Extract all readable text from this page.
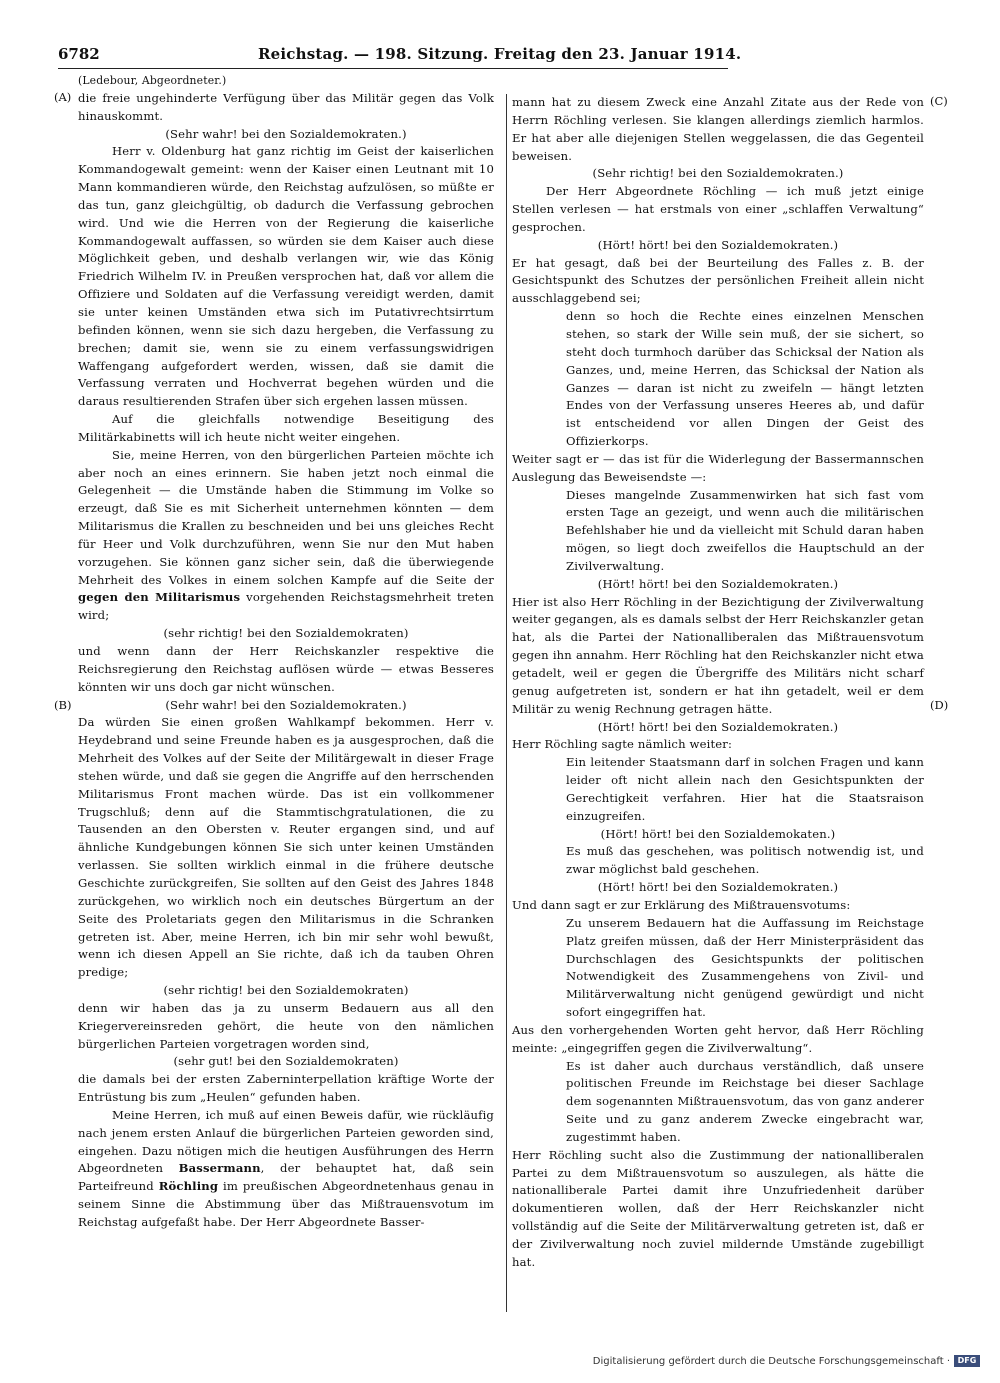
6782	Reichstag. — 198. Sitzung. Freitag den 23. Januar 1914.
(A)
(B)
(C)
(D)

(Ledebour, Abgeordneter.)

die freie ungehinderte Verfügung über das Militär gegen das Volk hinauskommt.

(Sehr wahr! bei den Sozialdemokraten.)

Herr v. Oldenburg hat ganz richtig im Geist der kaiserlichen Kommandogewalt gemeint: wenn der Kaiser einen Leutnant mit 10 Mann kommandieren würde, den Reichstag aufzulösen, so müßte er das tun, ganz gleichgültig, ob dadurch die Verfassung gebrochen wird. Und wie die Herren von der Regierung die kaiserliche Kommandogewalt auffassen, so würden sie dem Kaiser auch diese Möglichkeit geben, und deshalb verlangen wir, wie das König Friedrich Wilhelm IV. in Preußen versprochen hat, daß vor allem die Offiziere und Soldaten auf die Verfassung vereidigt werden, damit sie unter keinen Umständen etwa sich im Putativrechtsirrtum befinden können, wenn sie sich dazu hergeben, die Verfassung zu brechen; damit sie, wenn sie zu einem verfassungswidrigen Waffengang aufgefordert werden, wissen, daß sie damit die Verfassung verraten und Hochverrat begehen würden und die daraus resultierenden Strafen über sich ergehen lassen müssen.

Auf die gleichfalls notwendige Beseitigung des Militärkabinetts will ich heute nicht weiter eingehen.

Sie, meine Herren, von den bürgerlichen Parteien möchte ich aber noch an eines erinnern. Sie haben jetzt noch einmal die Gelegenheit — die Umstände haben die Stimmung im Volke so erzeugt, daß Sie es mit Sicherheit unternehmen könnten — dem Militarismus die Krallen zu beschneiden und bei uns gleiches Recht für Heer und Volk durchzuführen, wenn Sie nur den Mut haben vorzugehen. Sie können ganz sicher sein, daß die überwiegende Mehrheit des Volkes in einem solchen Kampfe auf die Seite der gegen den Militarismus vorgehenden Reichstagsmehrheit treten wird;

(sehr richtig! bei den Sozialdemokraten)

und wenn dann der Herr Reichskanzler respektive die Reichsregierung den Reichstag auflösen würde — etwas Besseres könnten wir uns doch gar nicht wünschen.

(Sehr wahr! bei den Sozialdemokraten.)

Da würden Sie einen großen Wahlkampf bekommen. Herr v. Heydebrand und seine Freunde haben es ja ausgesprochen, daß die Mehrheit des Volkes auf der Seite der Militärgewalt in dieser Frage stehen würde, und daß sie gegen die Angriffe auf den herrschenden Militarismus Front machen würde. Das ist ein vollkommener Trugschluß; denn auf die Stammtischgratulationen, die zu Tausenden an den Obersten v. Reuter ergangen sind, und auf ähnliche Kundgebungen können Sie sich unter keinen Umständen verlassen. Sie sollten wirklich einmal in die frühere deutsche Geschichte zurückgreifen, Sie sollten auf den Geist des Jahres 1848 zurückgehen, wo wirklich noch ein deutsches Bürgertum an der Seite des Proletariats gegen den Militarismus in die Schranken getreten ist. Aber, meine Herren, ich bin mir sehr wohl bewußt, wenn ich diesen Appell an Sie richte, daß ich da tauben Ohren predige;

(sehr richtig! bei den Sozialdemokraten)

denn wir haben das ja zu unserm Bedauern aus all den Kriegervereinsreden gehört, die heute von den nämlichen bürgerlichen Parteien vorgetragen worden sind,

(sehr gut! bei den Sozialdemokraten)

die damals bei der ersten Zaberninterpellation kräftige Worte der Entrüstung bis zum „Heulen“ gefunden haben.

Meine Herren, ich muß auf einen Beweis dafür, wie rückläufig nach jenem ersten Anlauf die bürgerlichen Parteien geworden sind, eingehen. Dazu nötigen mich die heutigen Ausführungen des Herrn Abgeordneten Bassermann, der behauptet hat, daß sein Parteifreund Röchling im preußischen Abgeordnetenhaus genau in seinem Sinne die Abstimmung über das Mißtrauensvotum im Reichstag aufgefaßt habe. Der Herr Abgeordnete Basser-

mann hat zu diesem Zweck eine Anzahl Zitate aus der Rede von Herrn Röchling verlesen. Sie klangen allerdings ziemlich harmlos. Er hat aber alle diejenigen Stellen weggelassen, die das Gegenteil beweisen.

(Sehr richtig! bei den Sozialdemokraten.)

Der Herr Abgeordnete Röchling — ich muß jetzt einige Stellen verlesen — hat erstmals von einer „schlaffen Verwaltung“ gesprochen.

(Hört! hört! bei den Sozialdemokraten.)

Er hat gesagt, daß bei der Beurteilung des Falles z. B. der Gesichtspunkt des Schutzes der persönlichen Freiheit allein nicht ausschlaggebend sei;

denn so hoch die Rechte eines einzelnen Menschen stehen, so stark der Wille sein muß, der sie sichert, so steht doch turmhoch darüber das Schicksal der Nation als Ganzes, und, meine Herren, das Schicksal der Nation als Ganzes — daran ist nicht zu zweifeln — hängt letzten Endes von der Verfassung unseres Heeres ab, und dafür ist entscheidend vor allen Dingen der Geist des Offizierkorps.

Weiter sagt er — das ist für die Widerlegung der Bassermannschen Auslegung das Beweisendste —:

Dieses mangelnde Zusammenwirken hat sich fast vom ersten Tage an gezeigt, und wenn auch die militärischen Befehlshaber hie und da vielleicht mit Schuld daran haben mögen, so liegt doch zweifellos die Hauptschuld an der Zivilverwaltung.

(Hört! hört! bei den Sozialdemokraten.)

Hier ist also Herr Röchling in der Bezichtigung der Zivilverwaltung weiter gegangen, als es damals selbst der Herr Reichskanzler getan hat, als die Partei der Nationalliberalen das Mißtrauensvotum gegen ihn annahm. Herr Röchling hat den Reichskanzler nicht etwa getadelt, weil er gegen die Übergriffe des Militärs nicht scharf genug aufgetreten ist, sondern er hat ihn getadelt, weil er dem Militär zu wenig Rechnung getragen hätte.

(Hört! hört! bei den Sozialdemokraten.)

Herr Röchling sagte nämlich weiter:

Ein leitender Staatsmann darf in solchen Fragen und kann leider oft nicht allein nach den Gesichtspunkten der Gerechtigkeit verfahren. Hier hat die Staatsraison einzugreifen.

(Hört! hört! bei den Sozialdemokaten.)

Es muß das geschehen, was politisch notwendig ist, und zwar möglichst bald geschehen.

(Hört! hört! bei den Sozialdemokraten.)

Und dann sagt er zur Erklärung des Mißtrauensvotums:

Zu unserem Bedauern hat die Auffassung im Reichstage Platz greifen müssen, daß der Herr Ministerpräsident das Durchschlagen des Gesichtspunkts der politischen Notwendigkeit des Zusammengehens von Zivil- und Militärverwaltung nicht genügend gewürdigt und nicht sofort eingegriffen hat.

Aus den vorhergehenden Worten geht hervor, daß Herr Röchling meinte: „eingegriffen gegen die Zivilverwaltung“.

Es ist daher auch durchaus verständlich, daß unsere politischen Freunde im Reichstage bei dieser Sachlage dem sogenannten Mißtrauensvotum, das von ganz anderer Seite und zu ganz anderem Zwecke eingebracht war, zugestimmt haben.

Herr Röchling sucht also die Zustimmung der nationalliberalen Partei zu dem Mißtrauensvotum so auszulegen, als hätte die nationalliberale Partei damit ihre Unzufriedenheit darüber dokumentieren wollen, daß der Herr Reichskanzler nicht vollständig auf die Seite der Militärverwaltung getreten ist, daß er der Zivilverwaltung noch zuviel mildernde Umstände zugebilligt hat.

Digitalisierung gefördert durch die Deutsche Forschungsgemeinschaft · DFG
